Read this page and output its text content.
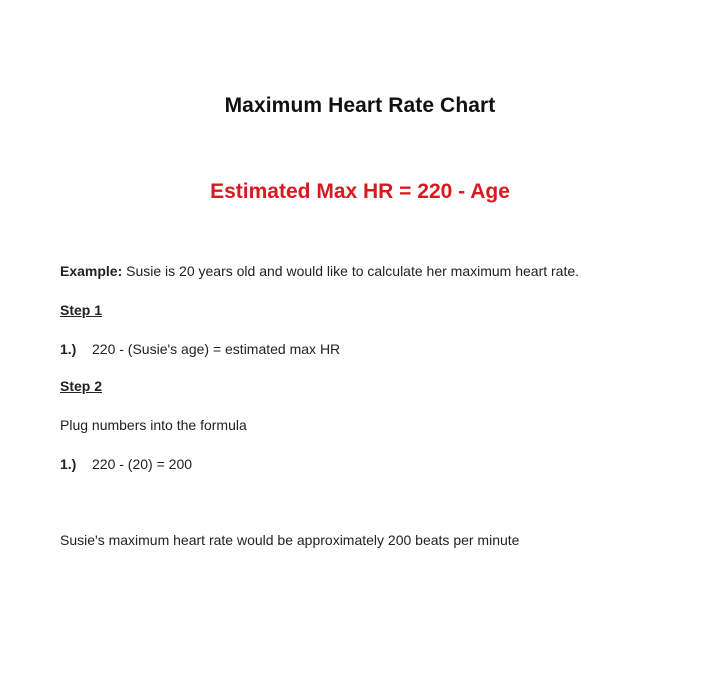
Maximum Heart Rate Chart
Estimated Max HR = 220 - Age
Example: Susie is 20 years old and would like to calculate her maximum heart rate.
Step 1
1.) 220 - (Susie's age) = estimated max HR
Step 2
Plug numbers into the formula
1.) 220 - (20) = 200
Susie's maximum heart rate would be approximately 200 beats per minute
